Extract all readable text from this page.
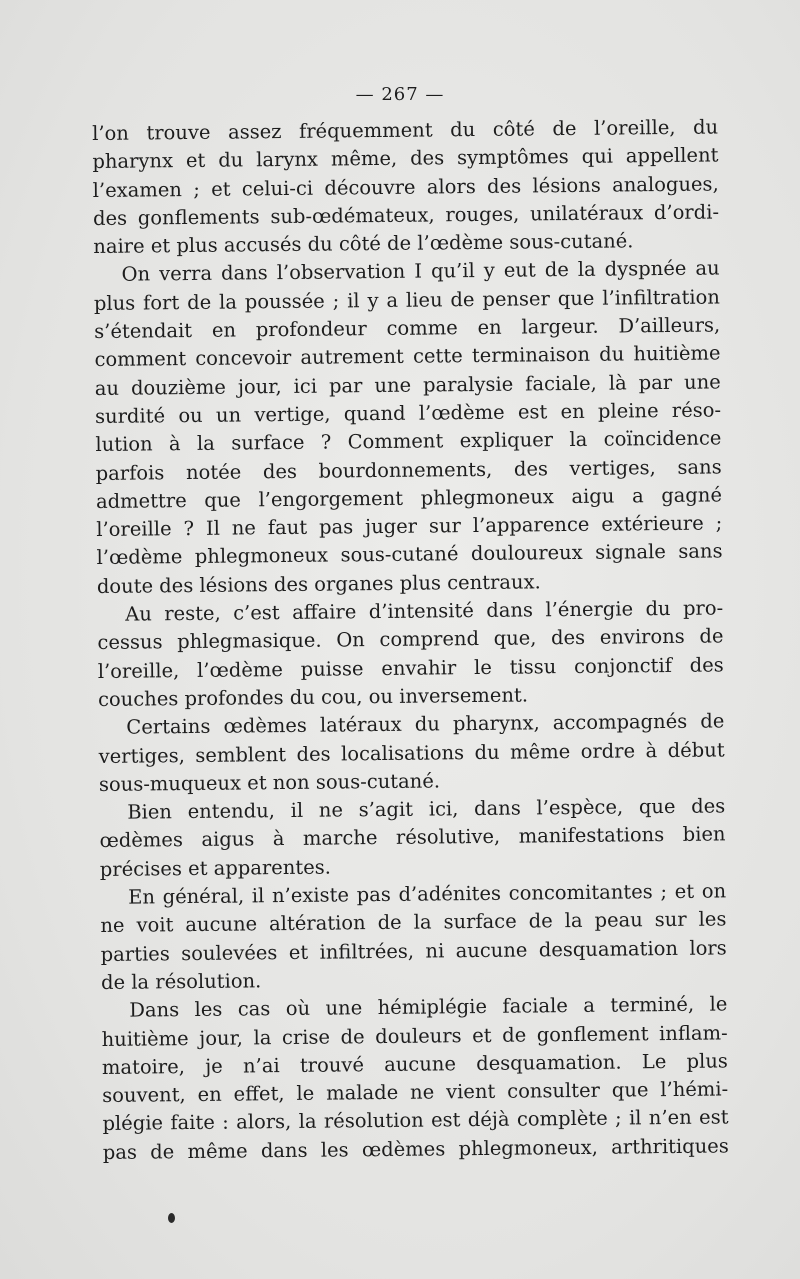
— 267 —

l’on trouve assez fréquemment du côté de l’oreille, du

pharynx et du larynx même, des symptômes qui appellent

l’examen ; et celui-ci découvre alors des lésions analogues,

des gonflements sub-œdémateux, rouges, unilatéraux d’ordi-

naire et plus accusés du côté de l’œdème sous-cutané.

On verra dans l’observation I qu’il y eut de la dyspnée au

plus fort de la poussée ; il y a lieu de penser que l’infiltration

s’étendait en profondeur comme en largeur. D’ailleurs,

comment concevoir autrement cette terminaison du huitième

au douzième jour, ici par une paralysie faciale, là par une

surdité ou un vertige, quand l’œdème est en pleine réso-

lution à la surface ? Comment expliquer la coïncidence

parfois notée des bourdonnements, des vertiges, sans

admettre que l’engorgement phlegmoneux aigu a gagné

l’oreille ? Il ne faut pas juger sur l’apparence extérieure ;

l’œdème phlegmoneux sous-cutané douloureux signale sans

doute des lésions des organes plus centraux.

Au reste, c’est affaire d’intensité dans l’énergie du pro-

cessus phlegmasique. On comprend que, des environs de

l’oreille, l’œdème puisse envahir le tissu conjonctif des

couches profondes du cou, ou inversement.

Certains œdèmes latéraux du pharynx, accompagnés de

vertiges, semblent des localisations du même ordre à début

sous-muqueux et non sous-cutané.

Bien entendu, il ne s’agit ici, dans l’espèce, que des

œdèmes aigus à marche résolutive, manifestations bien

précises et apparentes.

En général, il n’existe pas d’adénites concomitantes ; et on

ne voit aucune altération de la surface de la peau sur les

parties soulevées et infiltrées, ni aucune desquamation lors

de la résolution.

Dans les cas où une hémiplégie faciale a terminé, le

huitième jour, la crise de douleurs et de gonflement inflam-

matoire, je n’ai trouvé aucune desquamation. Le plus

souvent, en effet, le malade ne vient consulter que l’hémi-

plégie faite : alors, la résolution est déjà complète ; il n’en est

pas de même dans les œdèmes phlegmoneux, arthritiques
